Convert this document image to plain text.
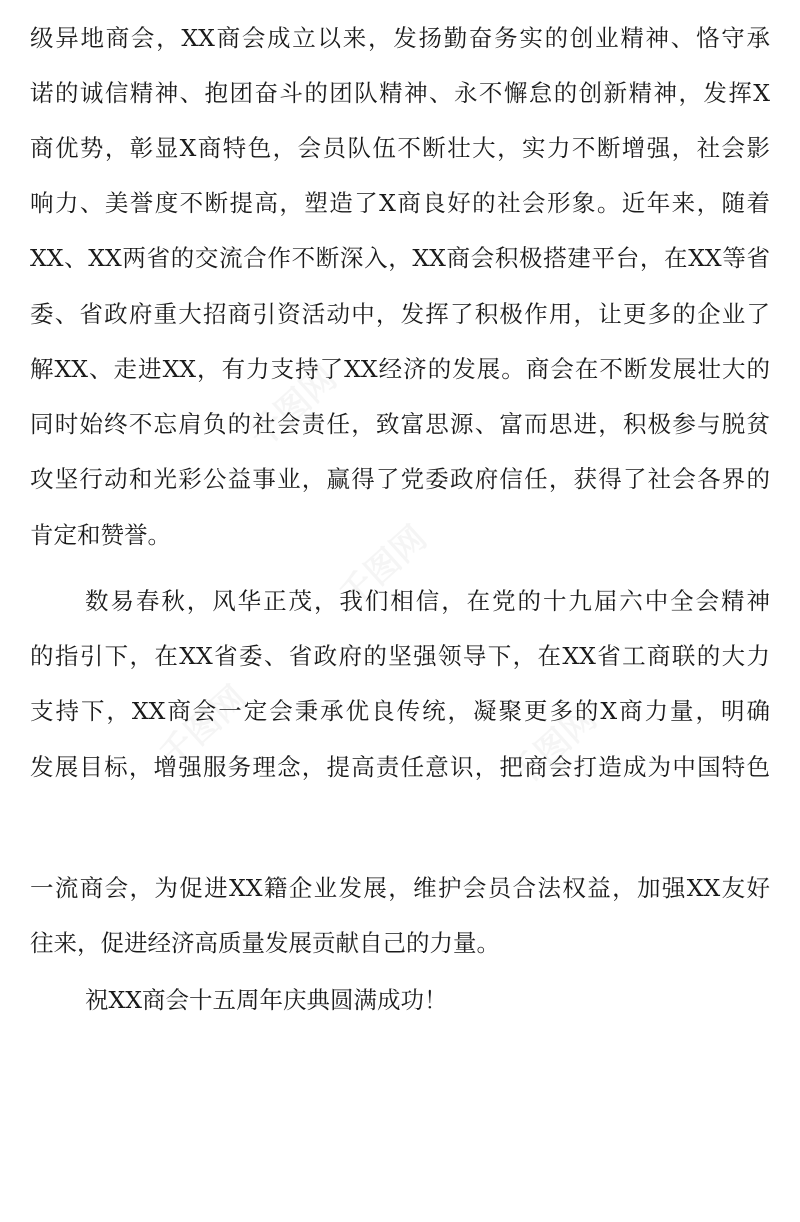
级异地商会，XX商会成立以来，发扬勤奋务实的创业精神、恪守承
诺的诚信精神、抱团奋斗的团队精神、永不懈怠的创新精神，发挥X
商优势，彰显X商特色，会员队伍不断壮大，实力不断增强，社会影
响力、美誉度不断提高，塑造了X商良好的社会形象。近年来，随着
XX、XX两省的交流合作不断深入，XX商会积极搭建平台，在XX等省
委、省政府重大招商引资活动中，发挥了积极作用，让更多的企业了
解XX、走进XX，有力支持了XX经济的发展。商会在不断发展壮大的
同时始终不忘肩负的社会责任，致富思源、富而思进，积极参与脱贫
攻坚行动和光彩公益事业，赢得了党委政府信任，获得了社会各界的
肯定和赞誉。
数易春秋，风华正茂，我们相信，在党的十九届六中全会精神
的指引下，在XX省委、省政府的坚强领导下，在XX省工商联的大力
支持下，XX商会一定会秉承优良传统，凝聚更多的X商力量，明确
发展目标，增强服务理念，提高责任意识，把商会打造成为中国特色
一流商会，为促进XX籍企业发展，维护会员合法权益，加强XX友好
往来，促进经济高质量发展贡献自己的力量。
祝XX商会十五周年庆典圆满成功！
